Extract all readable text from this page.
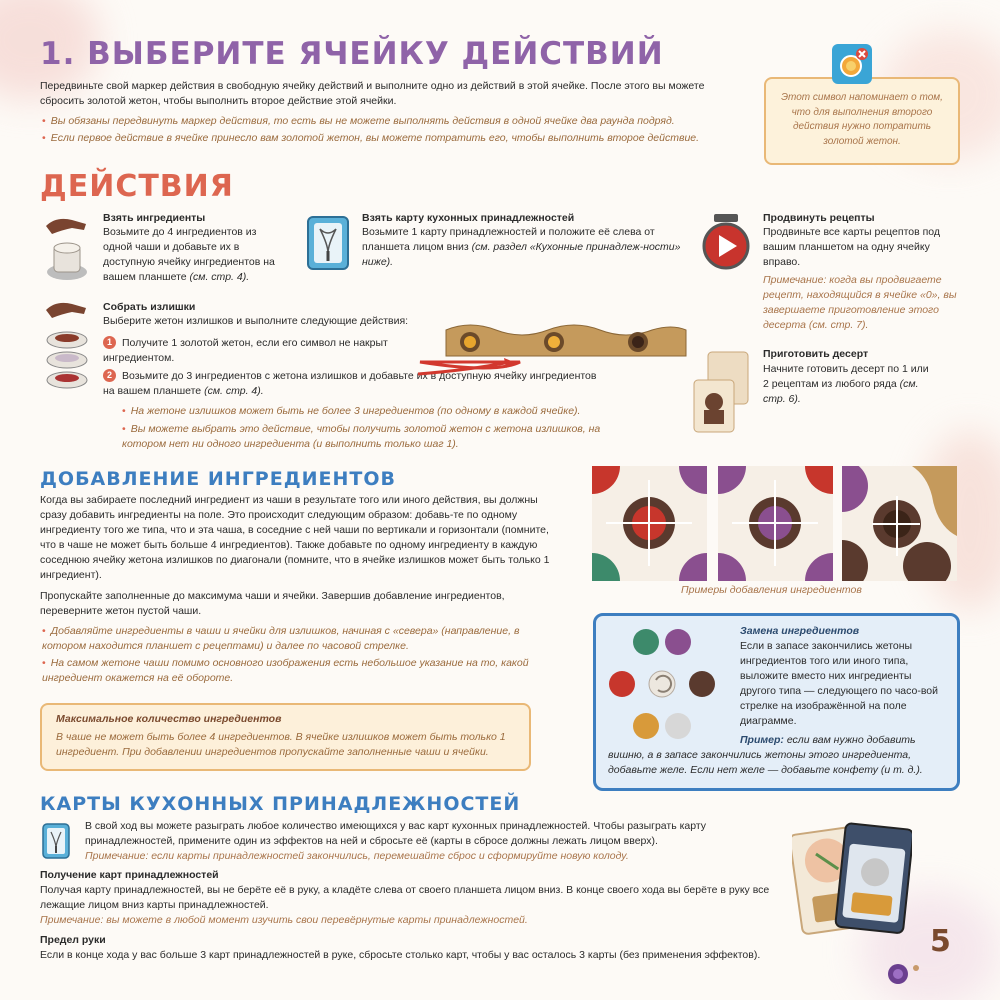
1. ВЫБЕРИТЕ ЯЧЕЙКУ ДЕЙСТВИЙ
Передвиньте свой маркер действия в свободную ячейку действий и выполните одно из действий в этой ячейке. После этого вы можете сбросить золотой жетон, чтобы выполнить второе действие этой ячейки.
• Вы обязаны передвинуть маркер действия, то есть вы не можете выполнять действия в одной ячейке два раунда подряд.
• Если первое действие в ячейке принесло вам золотой жетон, вы можете потратить его, чтобы выполнить второе действие.
Этот символ напоминает о том, что для выполнения второго действия нужно потратить золотой жетон.
ДЕЙСТВИЯ
Взять ингредиенты
Возьмите до 4 ингредиентов из одной чаши и добавьте их в доступную ячейку ингредиентов на вашем планшете (см. стр. 4).
Взять карту кухонных принадлежностей
Возьмите 1 карту принадлежностей и положите её слева от планшета лицом вниз (см. раздел «Кухонные принадлеж-ности» ниже).
Продвинуть рецепты
Продвиньте все карты рецептов под вашим планшетом на одну ячейку вправо.
Примечание: когда вы продвигаете рецепт, находящийся в ячейке «0», вы завершаете приготовление этого десерта (см. стр. 7).
Собрать излишки
Выберите жетон излишков и выполните следующие действия:
1 Получите 1 золотой жетон, если его символ не накрыт ингредиентом.
2 Возьмите до 3 ингредиентов с жетона излишков и добавьте их в доступную ячейку ингредиентов на вашем планшете (см. стр. 4).
• На жетоне излишков может быть не более 3 ингредиентов (по одному в каждой ячейке).
• Вы можете выбрать это действие, чтобы получить золотой жетон с жетона излишков, на котором нет ни одного ингредиента (и выполнить только шаг 1).
Приготовить десерт
Начните готовить десерт по 1 или 2 рецептам из любого ряда (см. стр. 6).
ДОБАВЛЕНИЕ ИНГРЕДИЕНТОВ
Когда вы забираете последний ингредиент из чаши в результате того или иного действия, вы должны сразу добавить ингредиенты на поле. Это происходит следующим образом: добавь-те по одному ингредиенту того же типа, что и эта чаша, в соседние с ней чаши по вертикали и горизонтали (помните, что в чаше не может быть больше 4 ингредиентов). Также добавьте по одному ингредиенту в каждую соседнюю ячейку жетона излишков по диагонали (помните, что в ячейке излишков может быть только 1 ингредиент).
Пропускайте заполненные до максимума чаши и ячейки. Завершив добавление ингредиентов, переверните жетон пустой чаши.
• Добавляйте ингредиенты в чаши и ячейки для излишков, начиная с «севера» (направление, в котором находится планшет с рецептами) и далее по часовой стрелке.
• На самом жетоне чаши помимо основного изображения есть небольшое указание на то, какой ингредиент окажется на её обороте.
Примеры добавления ингредиентов
Максимальное количество ингредиентов
В чаше не может быть более 4 ингредиентов. В ячейке излишков может быть только 1 ингредиент. При добавлении ингредиентов пропускайте заполненные чаши и ячейки.
Замена ингредиентов
Если в запасе закончились жетоны ингредиентов того или иного типа, выложите вместо них ингредиенты другого типа — следующего по часо-вой стрелке на изображённой на поле диаграмме.
Пример: если вам нужно добавить вишню, а в запасе закончились жетоны этого ингредиента, добавьте желе. Если нет желе — добавьте конфету (и т. д.).
КАРТЫ КУХОННЫХ ПРИНАДЛЕЖНОСТЕЙ
В свой ход вы можете разыграть любое количество имеющихся у вас карт кухонных принадлежностей. Чтобы разыграть карту принадлежностей, примените один из эффектов на ней и сбросьте её (карты в сбросе должны лежать лицом вверх).
Примечание: если карты принадлежностей закончились, перемешайте сброс и сформируйте новую колоду.
Получение карт принадлежностей
Получая карту принадлежностей, вы не берёте её в руку, а кладёте слева от своего планшета лицом вниз. В конце своего хода вы берёте в руку все лежащие лицом вниз карты принадлежностей.
Примечание: вы можете в любой момент изучить свои перевёрнутые карты принадлежностей.
Предел руки
Если в конце хода у вас больше 3 карт принадлежностей в руке, сбросьте столько карт, чтобы у вас осталось 3 карты (без применения эффектов).	5
